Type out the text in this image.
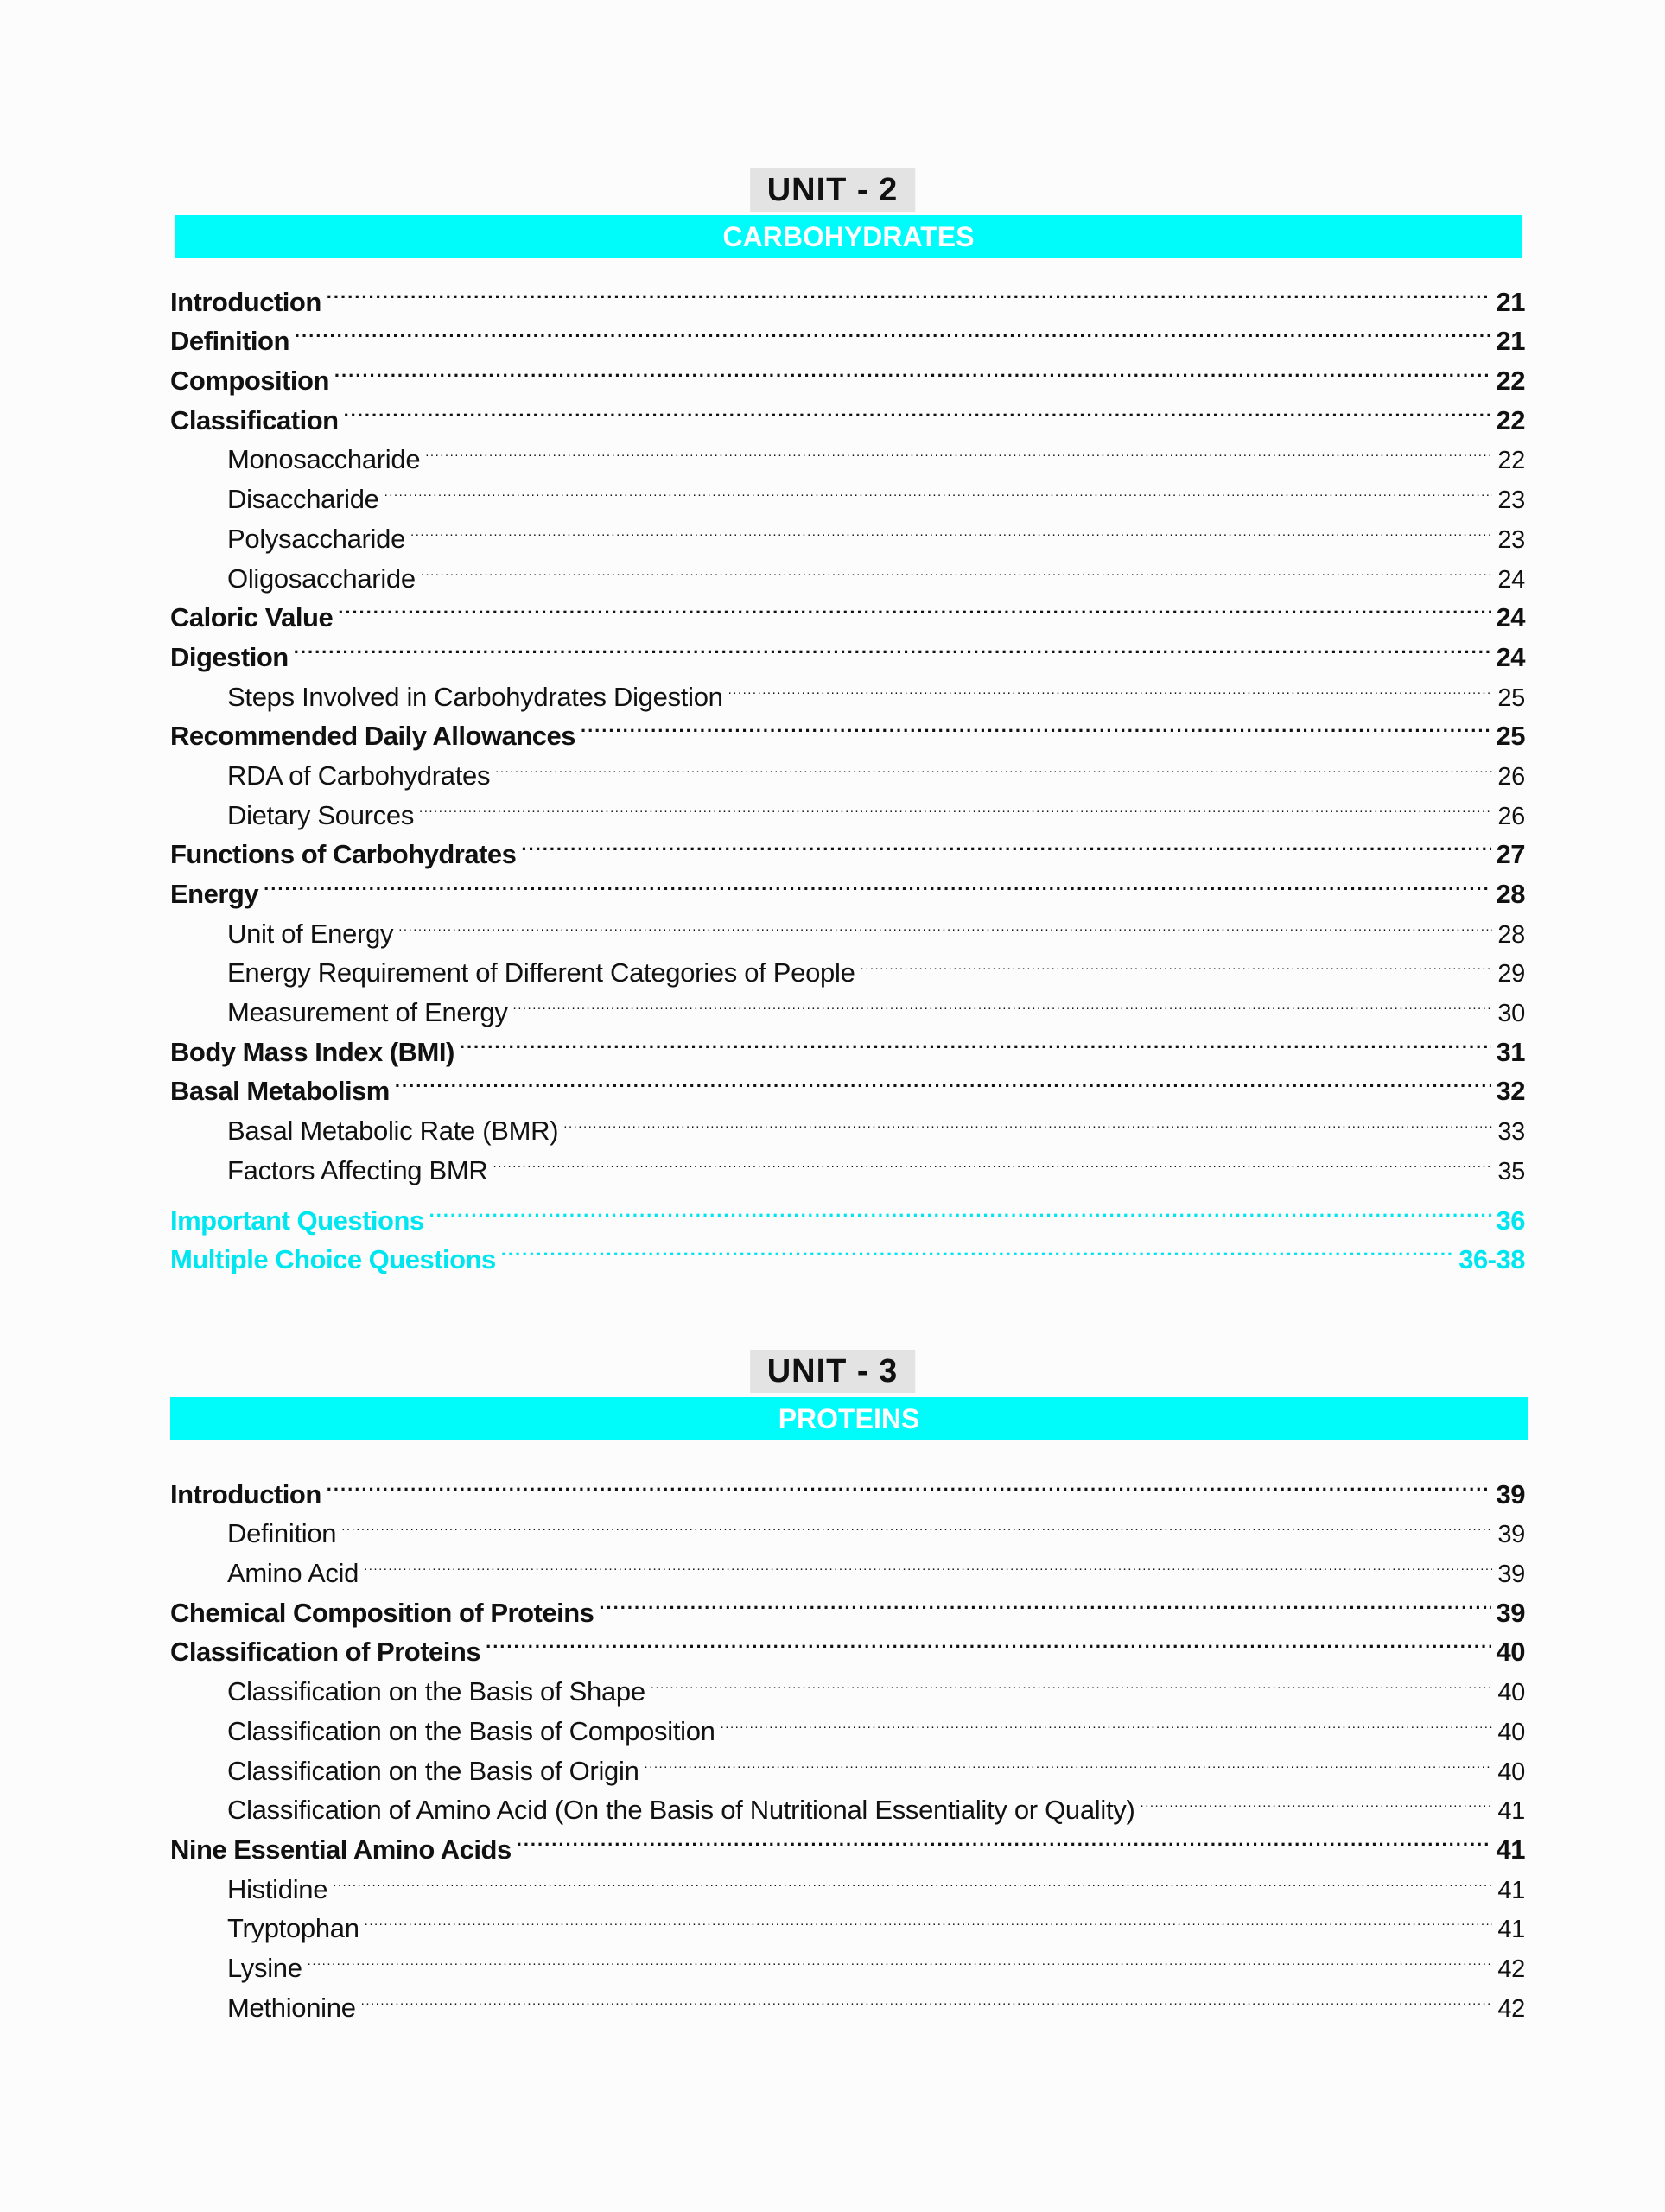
UNIT - 2
CARBOHYDRATES
Introduction .....	21
Definition .....	21
Composition .....	22
Classification .....	22
Monosaccharide .....	22
Disaccharide .....	23
Polysaccharide .....	23
Oligosaccharide .....	24
Caloric Value .....	24
Digestion .....	24
Steps Involved in Carbohydrates Digestion .....	25
Recommended Daily Allowances .....	25
RDA of Carbohydrates .....	26
Dietary Sources .....	26
Functions of Carbohydrates .....	27
Energy .....	28
Unit of Energy .....	28
Energy Requirement of Different Categories of People .....	29
Measurement of Energy .....	30
Body Mass Index (BMI) .....	31
Basal Metabolism .....	32
Basal Metabolic Rate (BMR) .....	33
Factors Affecting BMR .....	35
Important Questions .....	36
Multiple Choice Questions .....	36-38
UNIT - 3
PROTEINS
Introduction .....	39
Definition .....	39
Amino Acid .....	39
Chemical Composition of Proteins .....	39
Classification of Proteins .....	40
Classification on the Basis of Shape .....	40
Classification on the Basis of Composition .....	40
Classification on the Basis of Origin .....	40
Classification of Amino Acid (On the Basis of Nutritional Essentiality or Quality) .....	41
Nine Essential Amino Acids .....	41
Histidine .....	41
Tryptophan .....	41
Lysine .....	42
Methionine .....	42
